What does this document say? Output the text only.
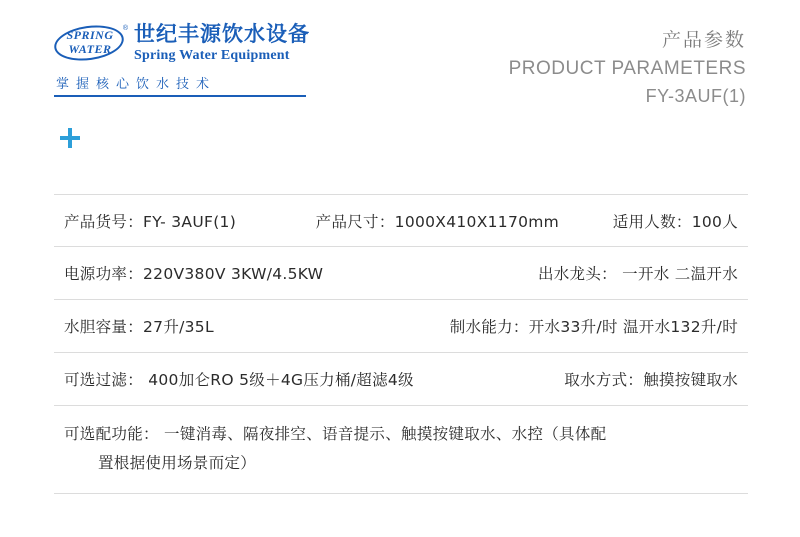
SPRING
WATER
® 世纪丰源饮水设备
Spring Water Equipment
掌握核心饮水技术
产品参数
PRODUCT PARAMETERS
FY-3AUF(1)
产品货号：FY- 3AUF(1)	产品尺寸：1000X410X1170mm	适用人数：100人
电源功率：220V380V 3KW/4.5KW	出水龙头： 一开水 二温开水
水胆容量：27升/35L	制水能力：开水33升/时 温开水132升/时
可选过滤： 400加仑RO 5级＋4G压力桶/超滤4级	取水方式：触摸按键取水
可选配功能： 一键消毒、隔夜排空、语音提示、触摸按键取水、水控（具体配
置根据使用场景而定）
